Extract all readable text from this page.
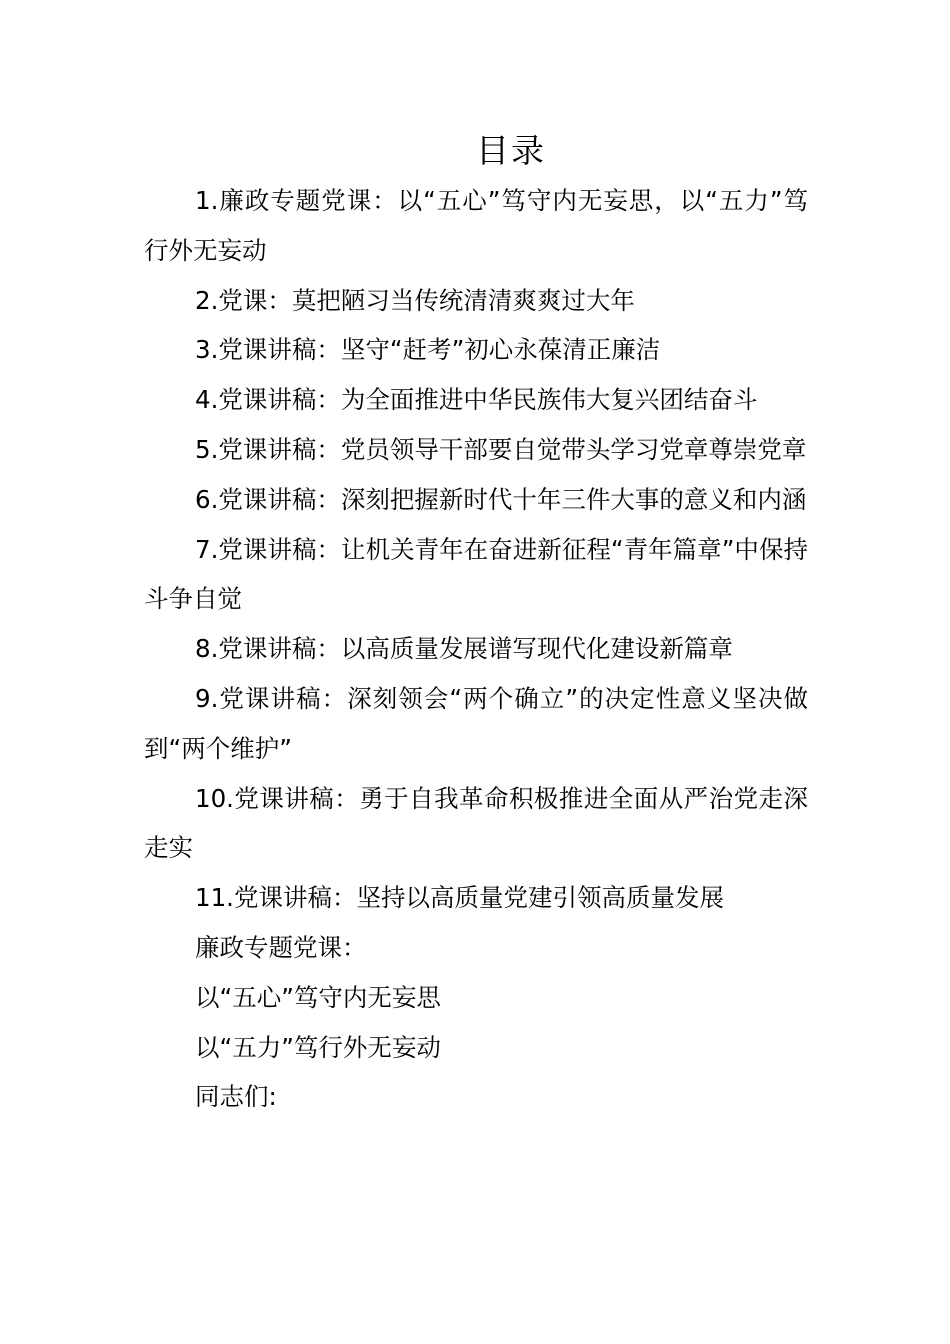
目录

1.廉政专题党课：以“五心”笃守内无妄思，以“五力”笃行外无妄动

2.党课：莫把陋习当传统清清爽爽过大年

3.党课讲稿：坚守“赶考”初心永葆清正廉洁

4.党课讲稿：为全面推进中华民族伟大复兴团结奋斗

5.党课讲稿：党员领导干部要自觉带头学习党章尊崇党章

6.党课讲稿：深刻把握新时代十年三件大事的意义和内涵

7.党课讲稿：让机关青年在奋进新征程“青年篇章”中保持斗争自觉

8.党课讲稿：以高质量发展谱写现代化建设新篇章

9.党课讲稿：深刻领会“两个确立”的决定性意义坚决做到“两个维护”

10.党课讲稿：勇于自我革命积极推进全面从严治党走深走实

11.党课讲稿：坚持以高质量党建引领高质量发展

廉政专题党课：

以“五心”笃守内无妄思

以“五力”笃行外无妄动

同志们:
